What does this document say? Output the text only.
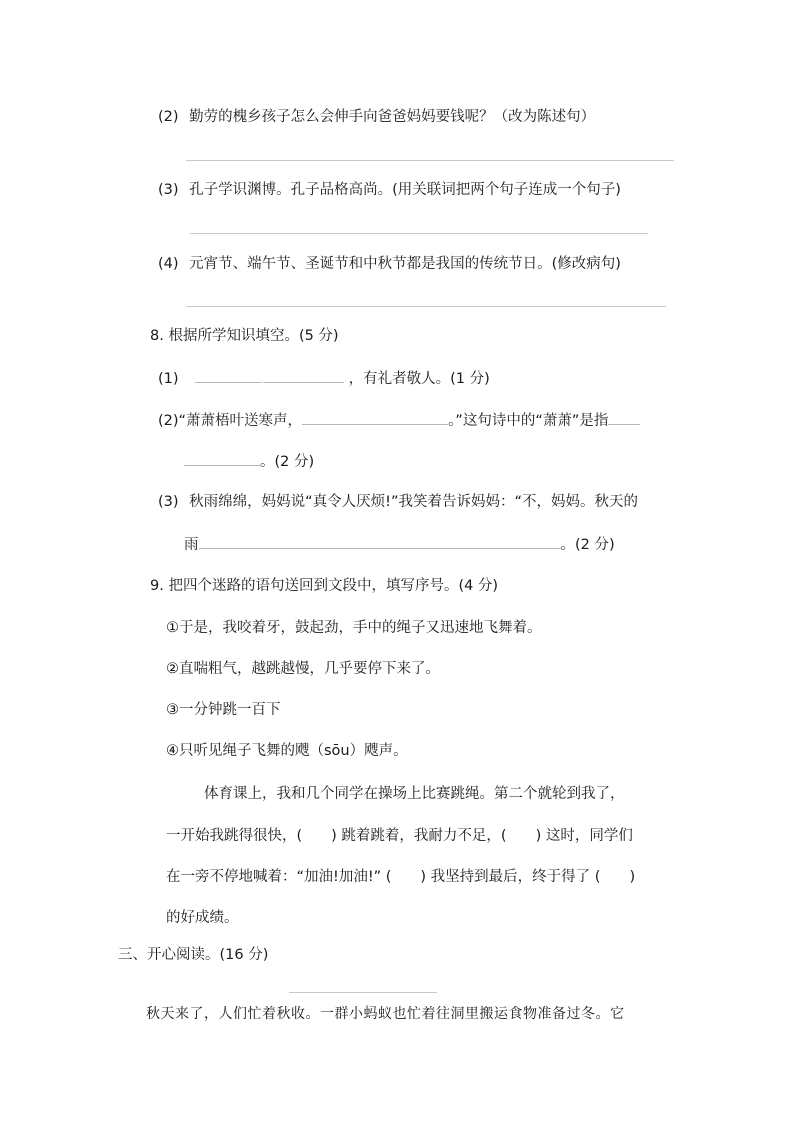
(2) 勤劳的槐乡孩子怎么会伸手向爸爸妈妈要钱呢？（改为陈述句）
(3) 孔子学识渊博。孔子品格高尚。(用关联词把两个句子连成一个句子)
(4) 元宵节、端午节、圣诞节和中秋节都是我国的传统节日。(修改病句)
8. 根据所学知识填空。(5 分)
(1)	.	，有礼者敬人。(1 分)
(2)“萧萧梧叶送寒声，	。”这句诗中的“萧萧”是指
。(2 分)
(3) 秋雨绵绵，妈妈说“真令人厌烦!”我笑着告诉妈妈：“不，妈妈。秋天的
雨	。(2 分)
9. 把四个迷路的语句送回到文段中，填写序号。(4 分)
①于是，我咬着牙，鼓起劲，手中的绳子又迅速地飞舞着。
②直喘粗气，越跳越慢，几乎要停下来了。
③一分钟跳一百下
④只听见绳子飞舞的飕（sōu）飕声。
体育课上，我和几个同学在操场上比赛跳绳。第二个就轮到我了，
一开始我跳得很快，(　　) 跳着跳着，我耐力不足，(　　) 这时，同学们
在一旁不停地喊着：“加油!加油!” (　　) 我坚持到最后，终于得了 (　　)
的好成绩。
三、开心阅读。(16 分)
秋天来了，人们忙着秋收。一群小蚂蚁也忙着往洞里搬运食物准备过冬。它
